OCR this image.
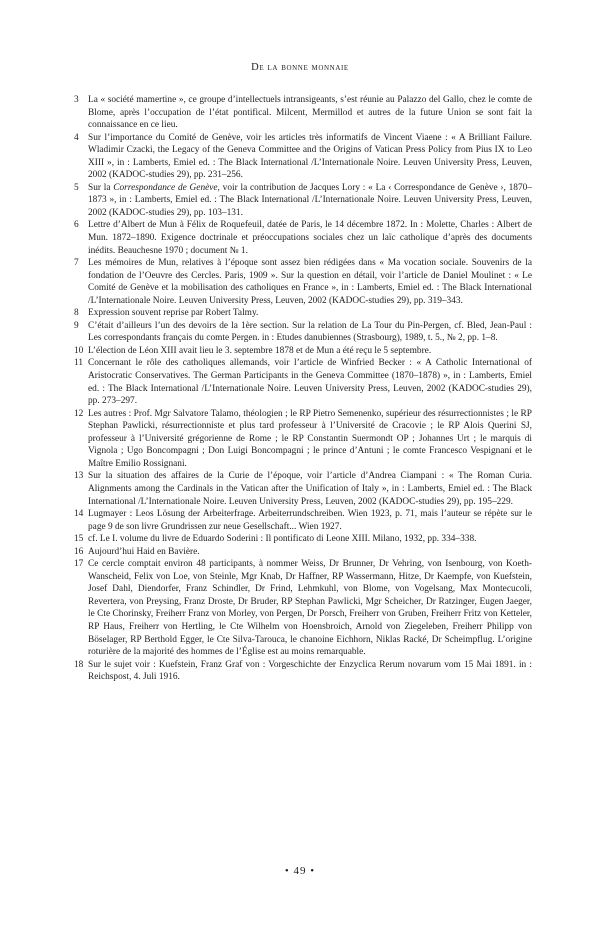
De la bonne monnaie

3 La « société mamertine », ce groupe d’intellectuels intransigeants, s’est réunie au Palazzo del Gallo, chez le comte de Blome, après l’occupation de l’état pontifical. Milcent, Mermillod et autres de la future Union se sont fait la connaissance en ce lieu.

4 Sur l’importance du Comité de Genève, voir les articles très informatifs de Vincent Viaene : « A Brilliant Failure. Wladimir Czacki, the Legacy of the Geneva Committee and the Origins of Vatican Press Policy from Pius IX to Leo XIII », in : Lamberts, Emiel ed. : The Black International /L’Internationale Noire. Leuven University Press, Leuven, 2002 (KADOC-studies 29), pp. 231–256.

5 Sur la Correspondance de Genève, voir la contribution de Jacques Lory : « La ‹ Correspondance de Genève ›, 1870–1873 », in : Lamberts, Emiel ed. : The Black International /L’Internationale Noire. Leuven University Press, Leuven, 2002 (KADOC-studies 29), pp. 103–131.

6 Lettre d’Albert de Mun à Félix de Roquefeuil, datée de Paris, le 14 décembre 1872. In : Molette, Charles : Albert de Mun. 1872–1890. Exigence doctrinale et préoccupations sociales chez un laïc catholique d’après des documents inédits. Beauchesne 1970 ; document № 1.

7 Les mémoires de Mun, relatives à l’époque sont assez bien rédigées dans « Ma vocation sociale. Souvenirs de la fondation de l’Oeuvre des Cercles. Paris, 1909 ». Sur la question en détail, voir l’article de Daniel Moulinet : « Le Comité de Genève et la mobilisation des catholiques en France », in : Lamberts, Emiel ed. : The Black International /L’Internationale Noire. Leuven University Press, Leuven, 2002 (KADOC-studies 29), pp. 319–343.

8 Expression souvent reprise par Robert Talmy.

9 C’était d’ailleurs l’un des devoirs de la 1ère section. Sur la relation de La Tour du Pin-Pergen, cf. Bled, Jean-Paul : Les correspondants français du comte Pergen. in : Etudes danubiennes (Strasbourg), 1989, t. 5., № 2, pp. 1–8.

10 L’élection de Léon XIII avait lieu le 3. septembre 1878 et de Mun a été reçu le 5 septembre.

11 Concernant le rôle des catholiques allemands, voir l’article de Winfried Becker : « A Catholic International of Aristocratic Conservatives. The German Participants in the Geneva Committee (1870–1878) », in : Lamberts, Emiel ed. : The Black International /L’Internationale Noire. Leuven University Press, Leuven, 2002 (KADOC-studies 29), pp. 273–297.

12 Les autres : Prof. Mgr Salvatore Talamo, théologien ; le RP Pietro Semenenko, supérieur des résurrectionnistes ; le RP Stephan Pawlicki, résurrectionniste et plus tard professeur à l’Université de Cracovie ; le RP Alois Querini SJ, professeur à l’Université grégorienne de Rome ; le RP Constantin Suermondt OP ; Johannes Urt ; le marquis di Vignola ; Ugo Boncompagni ; Don Luigi Boncompagni ; le prince d’Antuni ; le comte Francesco Vespignani et le Maître Emilio Rossignani.

13 Sur la situation des affaires de la Curie de l’époque, voir l’article d’Andrea Ciampani : « The Roman Curia. Alignments among the Cardinals in the Vatican after the Unification of Italy », in : Lamberts, Emiel ed. : The Black International /L’Internationale Noire. Leuven University Press, Leuven, 2002 (KADOC-studies 29), pp. 195–229.

14 Lugmayer : Leos Lösung der Arbeiterfrage. Arbeiterrundschreiben. Wien 1923, p. 71, mais l’auteur se répète sur le page 9 de son livre Grundrissen zur neue Gesellschaft... Wien 1927.

15 cf. Le I. volume du livre de Eduardo Soderini : Il pontificato di Leone XIII. Milano, 1932, pp. 334–338.

16 Aujourd’hui Haid en Bavière.

17 Ce cercle comptait environ 48 participants, à nommer Weiss, Dr Brunner, Dr Vehring, von Isenbourg, von Koeth-Wanscheid, Felix von Loe, von Steinle, Mgr Knab, Dr Haffner, RP Wassermann, Hitze, Dr Kaempfe, von Kuefstein, Josef Dahl, Diendorfer, Franz Schindler, Dr Frind, Lehmkuhl, von Blome, von Vogelsang, Max Montecucoli, Revertera, von Preysing, Franz Droste, Dr Bruder, RP Stephan Pawlicki, Mgr Scheicher, Dr Ratzinger, Eugen Jaeger, le Cte Chorinsky, Freiherr Franz von Morley, von Pergen, Dr Porsch, Freiherr von Gruben, Freiherr Fritz von Ketteler, RP Haus, Freiherr von Hertling, le Cte Wilhelm von Hoensbroich, Arnold von Ziegeleben, Freiherr Philipp von Böselager, RP Berthold Egger, le Cte Silva-Tarouca, le chanoine Eichhorn, Niklas Racké, Dr Scheimpflug. L’origine roturière de la majorité des hommes de l’Église est au moins remarquable.

18 Sur le sujet voir : Kuefstein, Franz Graf von : Vorgeschichte der Enzyclica Rerum novarum vom 15 Mai 1891. in : Reichspost, 4. Juli 1916.

• 49 •
